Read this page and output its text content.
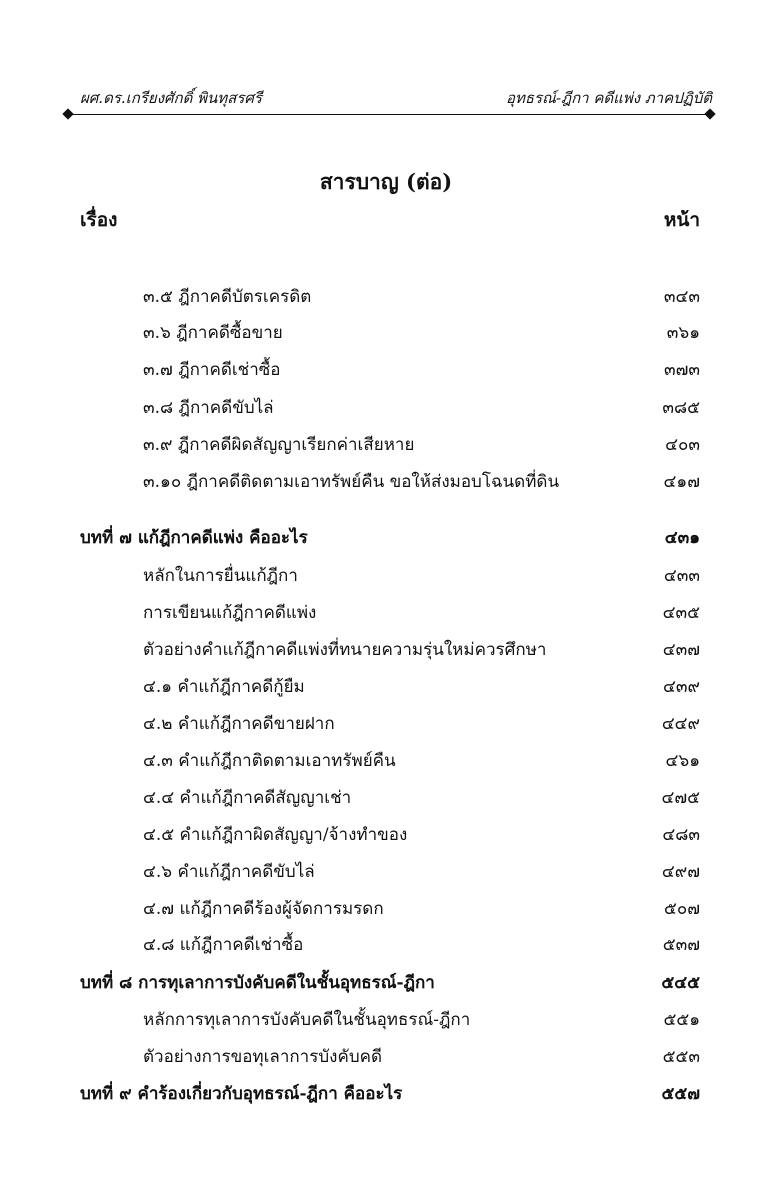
ผศ.ดร.เกรียงศักดิ์ พินทุสรศรี	อุทธรณ์-ฎีกา คดีแพ่ง ภาคปฏิบัติ
สารบาญ (ต่อ)
เรื่อง	หน้า
๓.๕ ฎีกาคดีบัตรเครดิต	๓๔๓
๓.๖ ฎีกาคดีซื้อขาย	๓๖๑
๓.๗ ฎีกาคดีเช่าซื้อ	๓๗๓
๓.๘ ฎีกาคดีขับไล่	๓๘๕
๓.๙ ฎีกาคดีผิดสัญญาเรียกค่าเสียหาย	๔๐๓
๓.๑๐ ฎีกาคดีติดตามเอาทรัพย์คืน ขอให้ส่งมอบโฉนดที่ดิน	๔๑๗
บทที่ ๗ แก้ฎีกาคดีแพ่ง คืออะไร	๔๓๑
หลักในการยื่นแก้ฎีกา	๔๓๓
การเขียนแก้ฎีกาคดีแพ่ง	๔๓๕
ตัวอย่างคำแก้ฎีกาคดีแพ่งที่ทนายความรุ่นใหม่ควรศึกษา	๔๓๗
๔.๑ คำแก้ฎีกาคดีกู้ยืม	๔๓๙
๔.๒ คำแก้ฎีกาคดีขายฝาก	๔๔๙
๔.๓ คำแก้ฎีกาติดตามเอาทรัพย์คืน	๔๖๑
๔.๔ คำแก้ฎีกาคดีสัญญาเช่า	๔๗๕
๔.๕ คำแก้ฎีกาผิดสัญญา/จ้างทำของ	๔๘๓
๔.๖ คำแก้ฎีกาคดีขับไล่	๔๙๗
๔.๗ แก้ฎีกาคดีร้องผู้จัดการมรดก	๕๐๗
๔.๘ แก้ฎีกาคดีเช่าซื้อ	๕๓๗
บทที่ ๘ การทุเลาการบังคับคดีในชั้นอุทธรณ์-ฎีกา	๕๔๕
หลักการทุเลาการบังคับคดีในชั้นอุทธรณ์-ฎีกา	๕๕๑
ตัวอย่างการขอทุเลาการบังคับคดี	๕๕๓
บทที่ ๙ คำร้องเกี่ยวกับอุทธรณ์-ฎีกา คืออะไร	๕๕๗
